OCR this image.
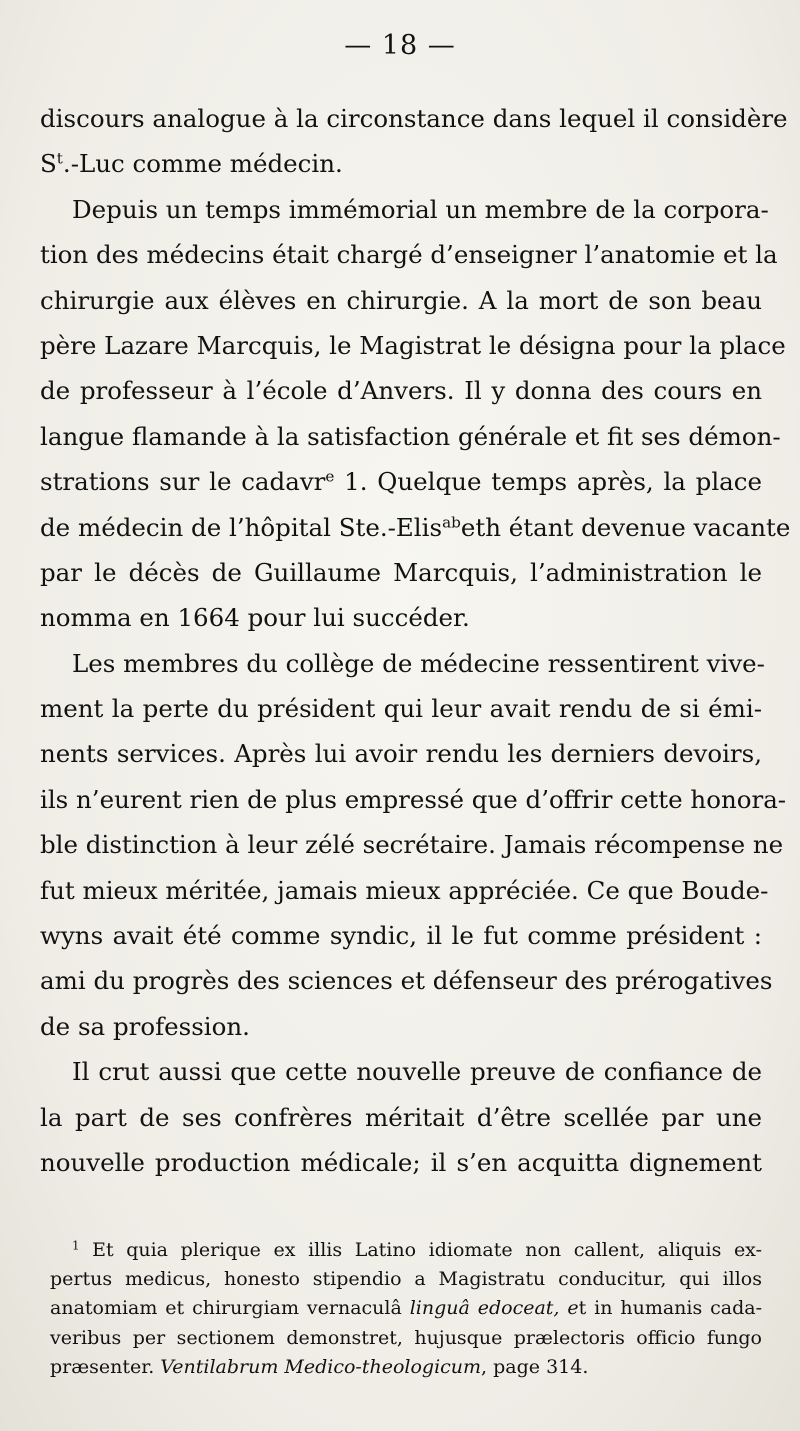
— 18 —
discours analogue à la circonstance dans lequel il considère
$S^t$.-Luc comme médecin.
Depuis un temps immémorial un membre de la corpora-
tion des médecins était chargé d’enseigner l’anatomie et la
chirurgie aux élèves en chirurgie. A la mort de son beau
père Lazare Marcquis, le Magistrat le désigna pour la place
de professeur à l’école d’Anvers. Il y donna des cours en
langue flamande à la satisfaction générale et fit ses démon-
strations sur le cadavr$^e$ 1. Quelque temps après, la place
de médecin de l’hôpital Ste.-Elis$^{ab}$eth étant devenue vacante
par le décès de Guillaume Marcquis, l’administration le
nomma en 1664 pour lui succéder.
Les membres du collège de médecine ressentirent vive-
ment la perte du président qui leur avait rendu de si émi-
nents services. Après lui avoir rendu les derniers devoirs,
ils n’eurent rien de plus empressé que d’offrir cette honora-
ble distinction à leur zélé secrétaire. Jamais récompense ne
fut mieux méritée, jamais mieux appréciée. Ce que Boude-
wyns avait été comme syndic, il le fut comme président :
ami du progrès des sciences et défenseur des prérogatives
de sa profession.
Il crut aussi que cette nouvelle preuve de confiance de
la part de ses confrères méritait d’être scellée par une
nouvelle production médicale; il s’en acquitta dignement
$^1$ Et quia plerique ex illis Latino idiomate non callent, aliquis ex-
pertus medicus, honesto stipendio a Magistratu conducitur, qui illos
anatomiam et chirurgiam vernaculâ linguâ edoceat, et in humanis cada-
veribus per sectionem demonstret, hujusque prælectoris officio fungo
præsenter. Ventilabrum Medico-theologicum, page 314.
